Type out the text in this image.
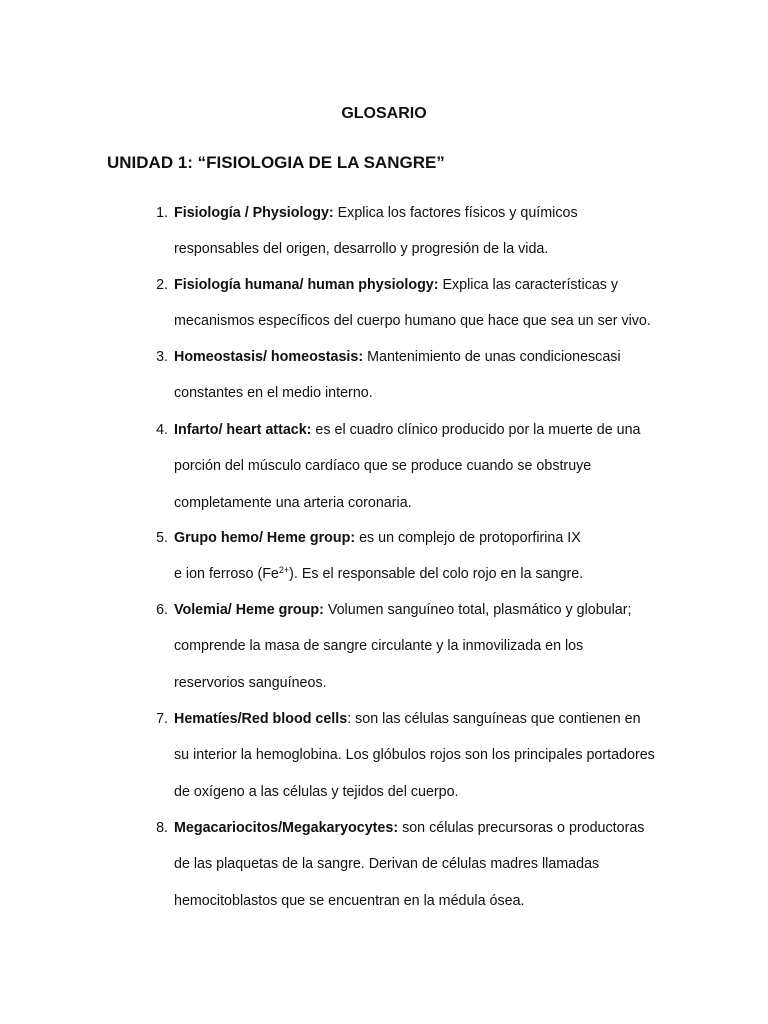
GLOSARIO
UNIDAD 1: “FISIOLOGIA DE LA SANGRE”
1. Fisiología / Physiology: Explica los factores físicos y químicos
responsables del origen, desarrollo y progresión de la vida.
2. Fisiología humana/ human physiology: Explica las características y
mecanismos específicos del cuerpo humano que hace que sea un ser vivo.
3. Homeostasis/ homeostasis: Mantenimiento de unas condicionescasi
constantes en el medio interno.
4. Infarto/ heart attack: es el cuadro clínico producido por la muerte de una
porción del músculo cardíaco que se produce cuando se obstruye
completamente una arteria coronaria.
5. Grupo hemo/ Heme group: es un complejo de protoporfirina IX
e ion ferroso $(Fe^{2+})$. Es el responsable del colo rojo en la sangre.
6. Volemia/ Heme group: Volumen sanguíneo total, plasmático y globular;
comprende la masa de sangre circulante y la inmovilizada en los
reservorios sanguíneos.
7. Hematíes/Red blood cells: son las células sanguíneas que contienen en
su interior la hemoglobina. Los glóbulos rojos son los principales portadores
de oxígeno a las células y tejidos del cuerpo.
8. Megacariocitos/Megakaryocytes: son células precursoras o productoras
de las plaquetas de la sangre. Derivan de células madres llamadas
hemocitoblastos que se encuentran en la médula ósea.
